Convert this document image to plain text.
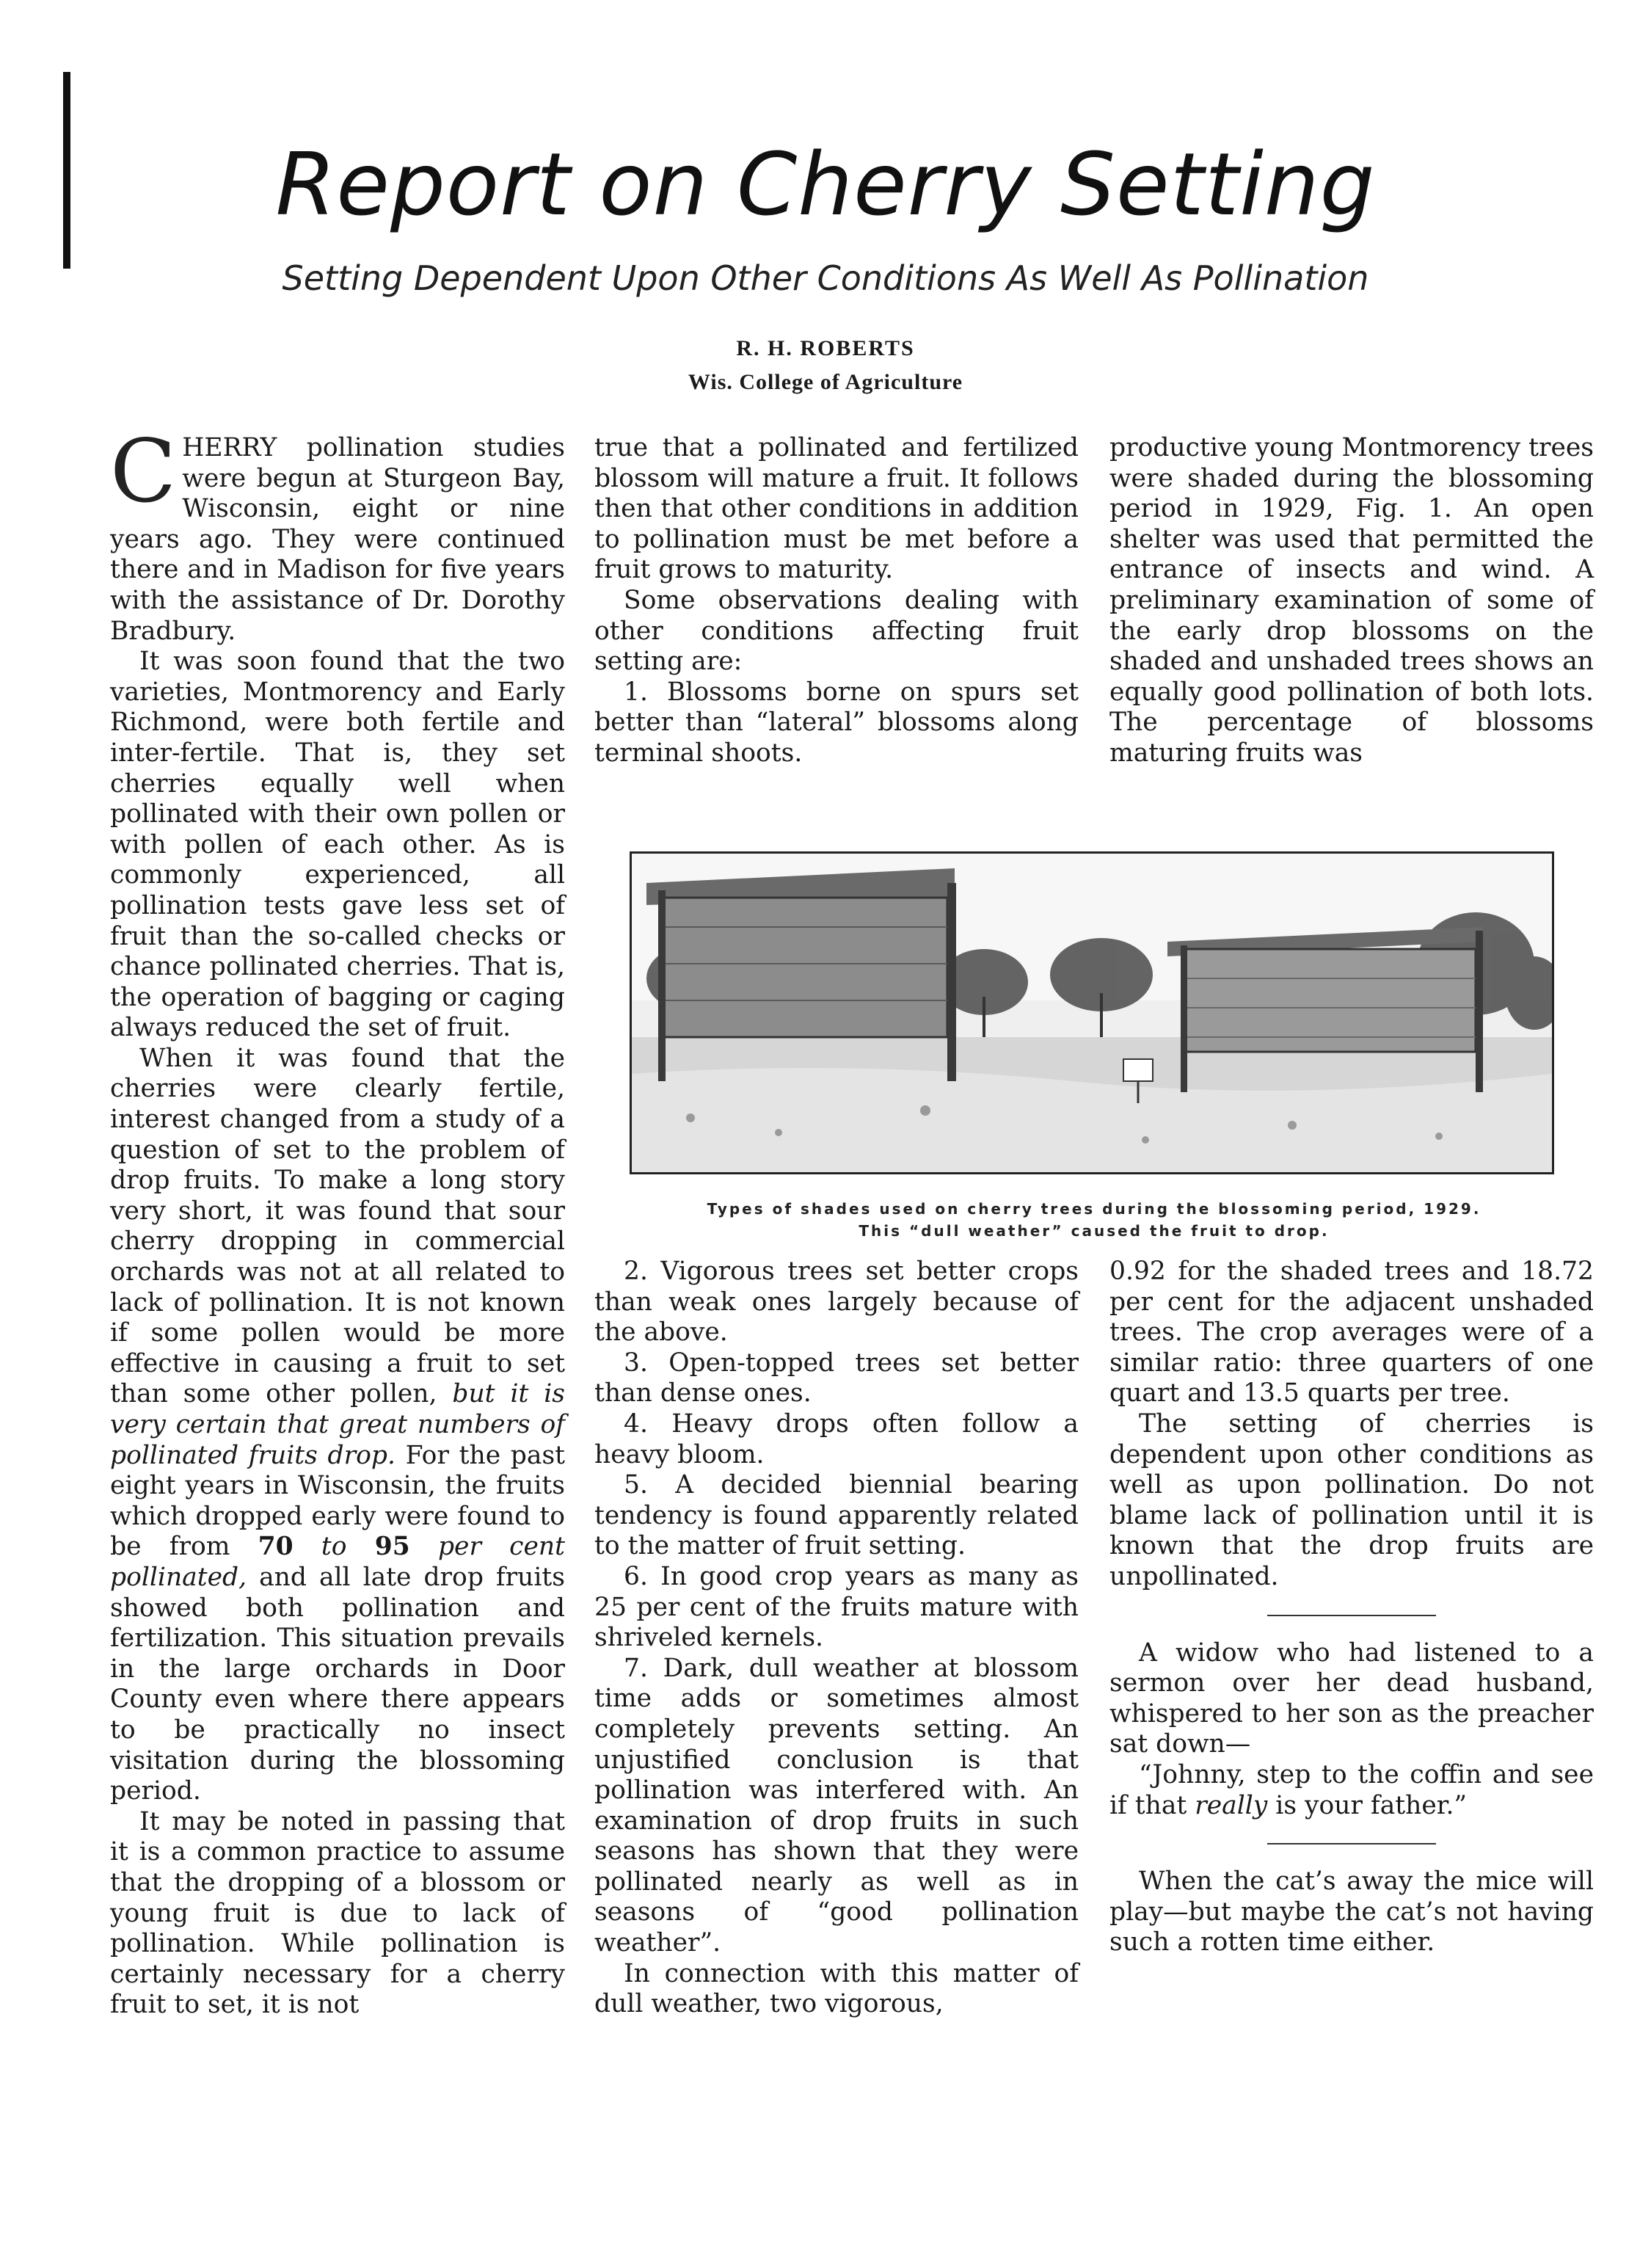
Report on Cherry Setting
Setting Dependent Upon Other Conditions As Well As Pollination
R. H. ROBERTS
Wis. College of Agriculture

CHERRY pollination studies were begun at Sturgeon Bay, Wisconsin, eight or nine years ago. They were continued there and in Madison for five years with the assistance of Dr. Dorothy Bradbury.

It was soon found that the two varieties, Montmorency and Early Richmond, were both fertile and inter-fertile. That is, they set cherries equally well when pollinated with their own pollen or with pollen of each other. As is commonly experienced, all pollination tests gave less set of fruit than the so-called checks or chance pollinated cherries. That is, the operation of bagging or caging always reduced the set of fruit.

When it was found that the cherries were clearly fertile, interest changed from a study of a question of set to the problem of drop fruits. To make a long story very short, it was found that sour cherry dropping in commercial orchards was not at all related to lack of pollination. It is not known if some pollen would be more effective in causing a fruit to set than some other pollen, but it is very certain that great numbers of pollinated fruits drop. For the past eight years in Wisconsin, the fruits which dropped early were found to be from 70 to 95 per cent pollinated, and all late drop fruits showed both pollination and fertilization. This situation prevails in the large orchards in Door County even where there appears to be practically no insect visitation during the blossoming period.

It may be noted in passing that it is a common practice to assume that the dropping of a blossom or young fruit is due to lack of pollination. While pollination is certainly necessary for a cherry fruit to set, it is not

true that a pollinated and fertilized blossom will mature a fruit. It follows then that other conditions in addition to pollination must be met before a fruit grows to maturity.

Some observations dealing with other conditions affecting fruit setting are:

1. Blossoms borne on spurs set better than “lateral” blossoms along terminal shoots.

productive young Montmorency trees were shaded during the blossoming period in 1929, Fig. 1. An open shelter was used that permitted the entrance of insects and wind. A preliminary examination of some of the early drop blossoms on the shaded and unshaded trees shows an equally good pollination of both lots. The percentage of blossoms maturing fruits was

Types of shades used on cherry trees during the blossoming period, 1929.
This “dull weather” caused the fruit to drop.

2. Vigorous trees set better crops than weak ones largely because of the above.

3. Open-topped trees set better than dense ones.

4. Heavy drops often follow a heavy bloom.

5. A decided biennial bearing tendency is found apparently related to the matter of fruit setting.

6. In good crop years as many as 25 per cent of the fruits mature with shriveled kernels.

7. Dark, dull weather at blossom time adds or sometimes almost completely prevents setting. An unjustified conclusion is that pollination was interfered with. An examination of drop fruits in such seasons has shown that they were pollinated nearly as well as in seasons of “good pollination weather”.

In connection with this matter of dull weather, two vigorous,

0.92 for the shaded trees and 18.72 per cent for the adjacent unshaded trees. The crop averages were of a similar ratio: three quarters of one quart and 13.5 quarts per tree.

The setting of cherries is dependent upon other conditions as well as upon pollination. Do not blame lack of pollination until it is known that the drop fruits are unpollinated.

A widow who had listened to a sermon over her dead husband, whispered to her son as the preacher sat down—

“Johnny, step to the coffin and see if that really is your father.”

When the cat’s away the mice will play—but maybe the cat’s not having such a rotten time either.
